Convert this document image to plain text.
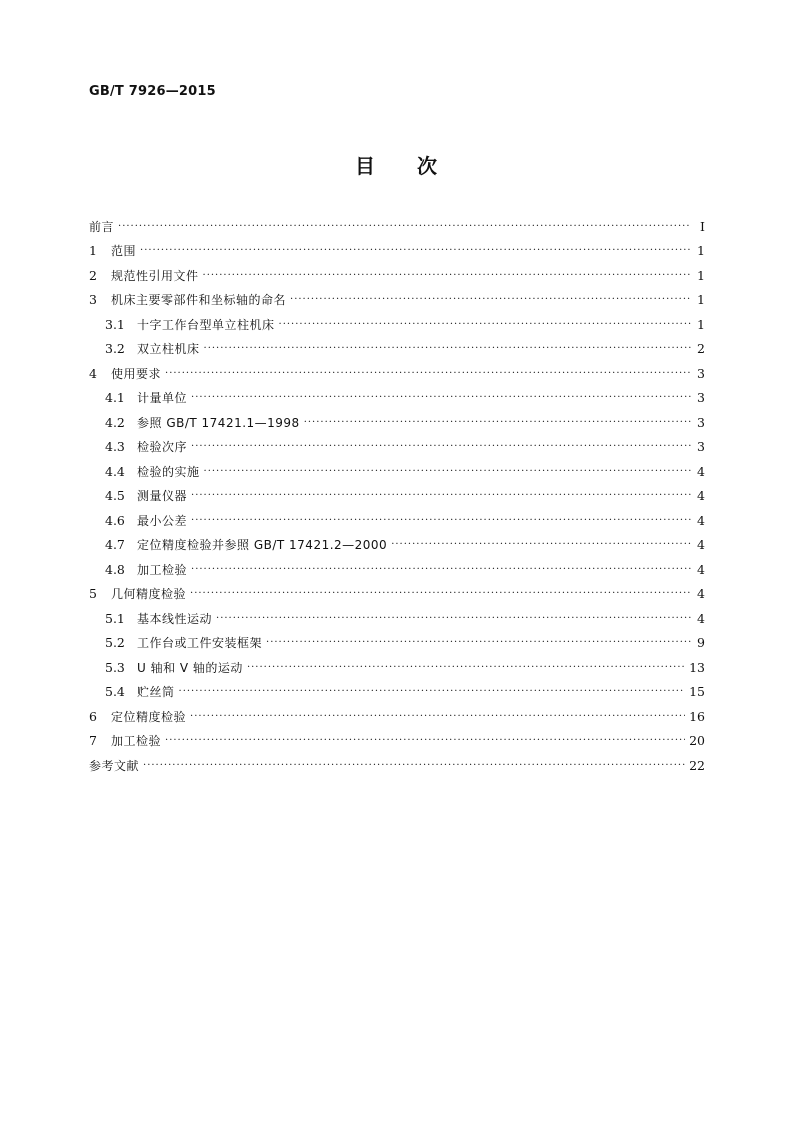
GB/T 7926—2015
目 次
前言 ·····	Ⅰ
1	范围 ·····	1
2	规范性引用文件 ·····	1
3	机床主要零部件和坐标轴的命名 ·····	1
3.1	十字工作台型单立柱机床 ·····	1
3.2	双立柱机床 ·····	2
4	使用要求 ·····	3
4.1	计量单位 ·····	3
4.2	参照 GB/T 17421.1—1998 ·····	3
4.3	检验次序 ·····	3
4.4	检验的实施 ·····	4
4.5	测量仪器 ·····	4
4.6	最小公差 ·····	4
4.7	定位精度检验并参照 GB/T 17421.2—2000 ·····	4
4.8	加工检验 ·····	4
5	几何精度检验 ·····	4
5.1	基本线性运动 ·····	4
5.2	工作台或工件安装框架 ·····	9
5.3	U 轴和 V 轴的运动 ·····	13
5.4	贮丝筒 ·····	15
6	定位精度检验 ·····	16
7	加工检验 ·····	20
参考文献 ·····	22
